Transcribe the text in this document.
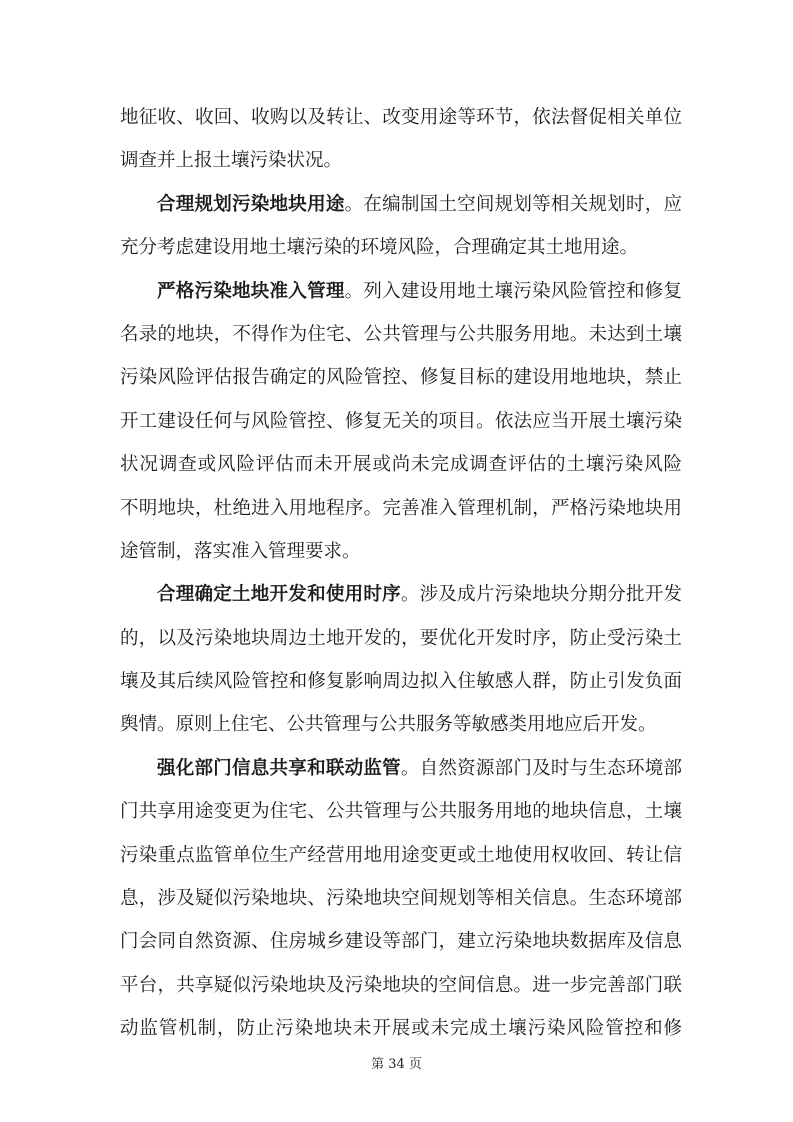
地征收、收回、收购以及转让、改变用途等环节，依法督促相关单位
调查并上报土壤污染状况。
合理规划污染地块用途。在编制国土空间规划等相关规划时，应
充分考虑建设用地土壤污染的环境风险，合理确定其土地用途。
严格污染地块准入管理。列入建设用地土壤污染风险管控和修复
名录的地块，不得作为住宅、公共管理与公共服务用地。未达到土壤
污染风险评估报告确定的风险管控、修复目标的建设用地地块，禁止
开工建设任何与风险管控、修复无关的项目。依法应当开展土壤污染
状况调查或风险评估而未开展或尚未完成调查评估的土壤污染风险
不明地块，杜绝进入用地程序。完善准入管理机制，严格污染地块用
途管制，落实准入管理要求。
合理确定土地开发和使用时序。涉及成片污染地块分期分批开发
的，以及污染地块周边土地开发的，要优化开发时序，防止受污染土
壤及其后续风险管控和修复影响周边拟入住敏感人群，防止引发负面
舆情。原则上住宅、公共管理与公共服务等敏感类用地应后开发。
强化部门信息共享和联动监管。自然资源部门及时与生态环境部
门共享用途变更为住宅、公共管理与公共服务用地的地块信息，土壤
污染重点监管单位生产经营用地用途变更或土地使用权收回、转让信
息，涉及疑似污染地块、污染地块空间规划等相关信息。生态环境部
门会同自然资源、住房城乡建设等部门，建立污染地块数据库及信息
平台，共享疑似污染地块及污染地块的空间信息。进一步完善部门联
动监管机制，防止污染地块未开展或未完成土壤污染风险管控和修
第 34 页
